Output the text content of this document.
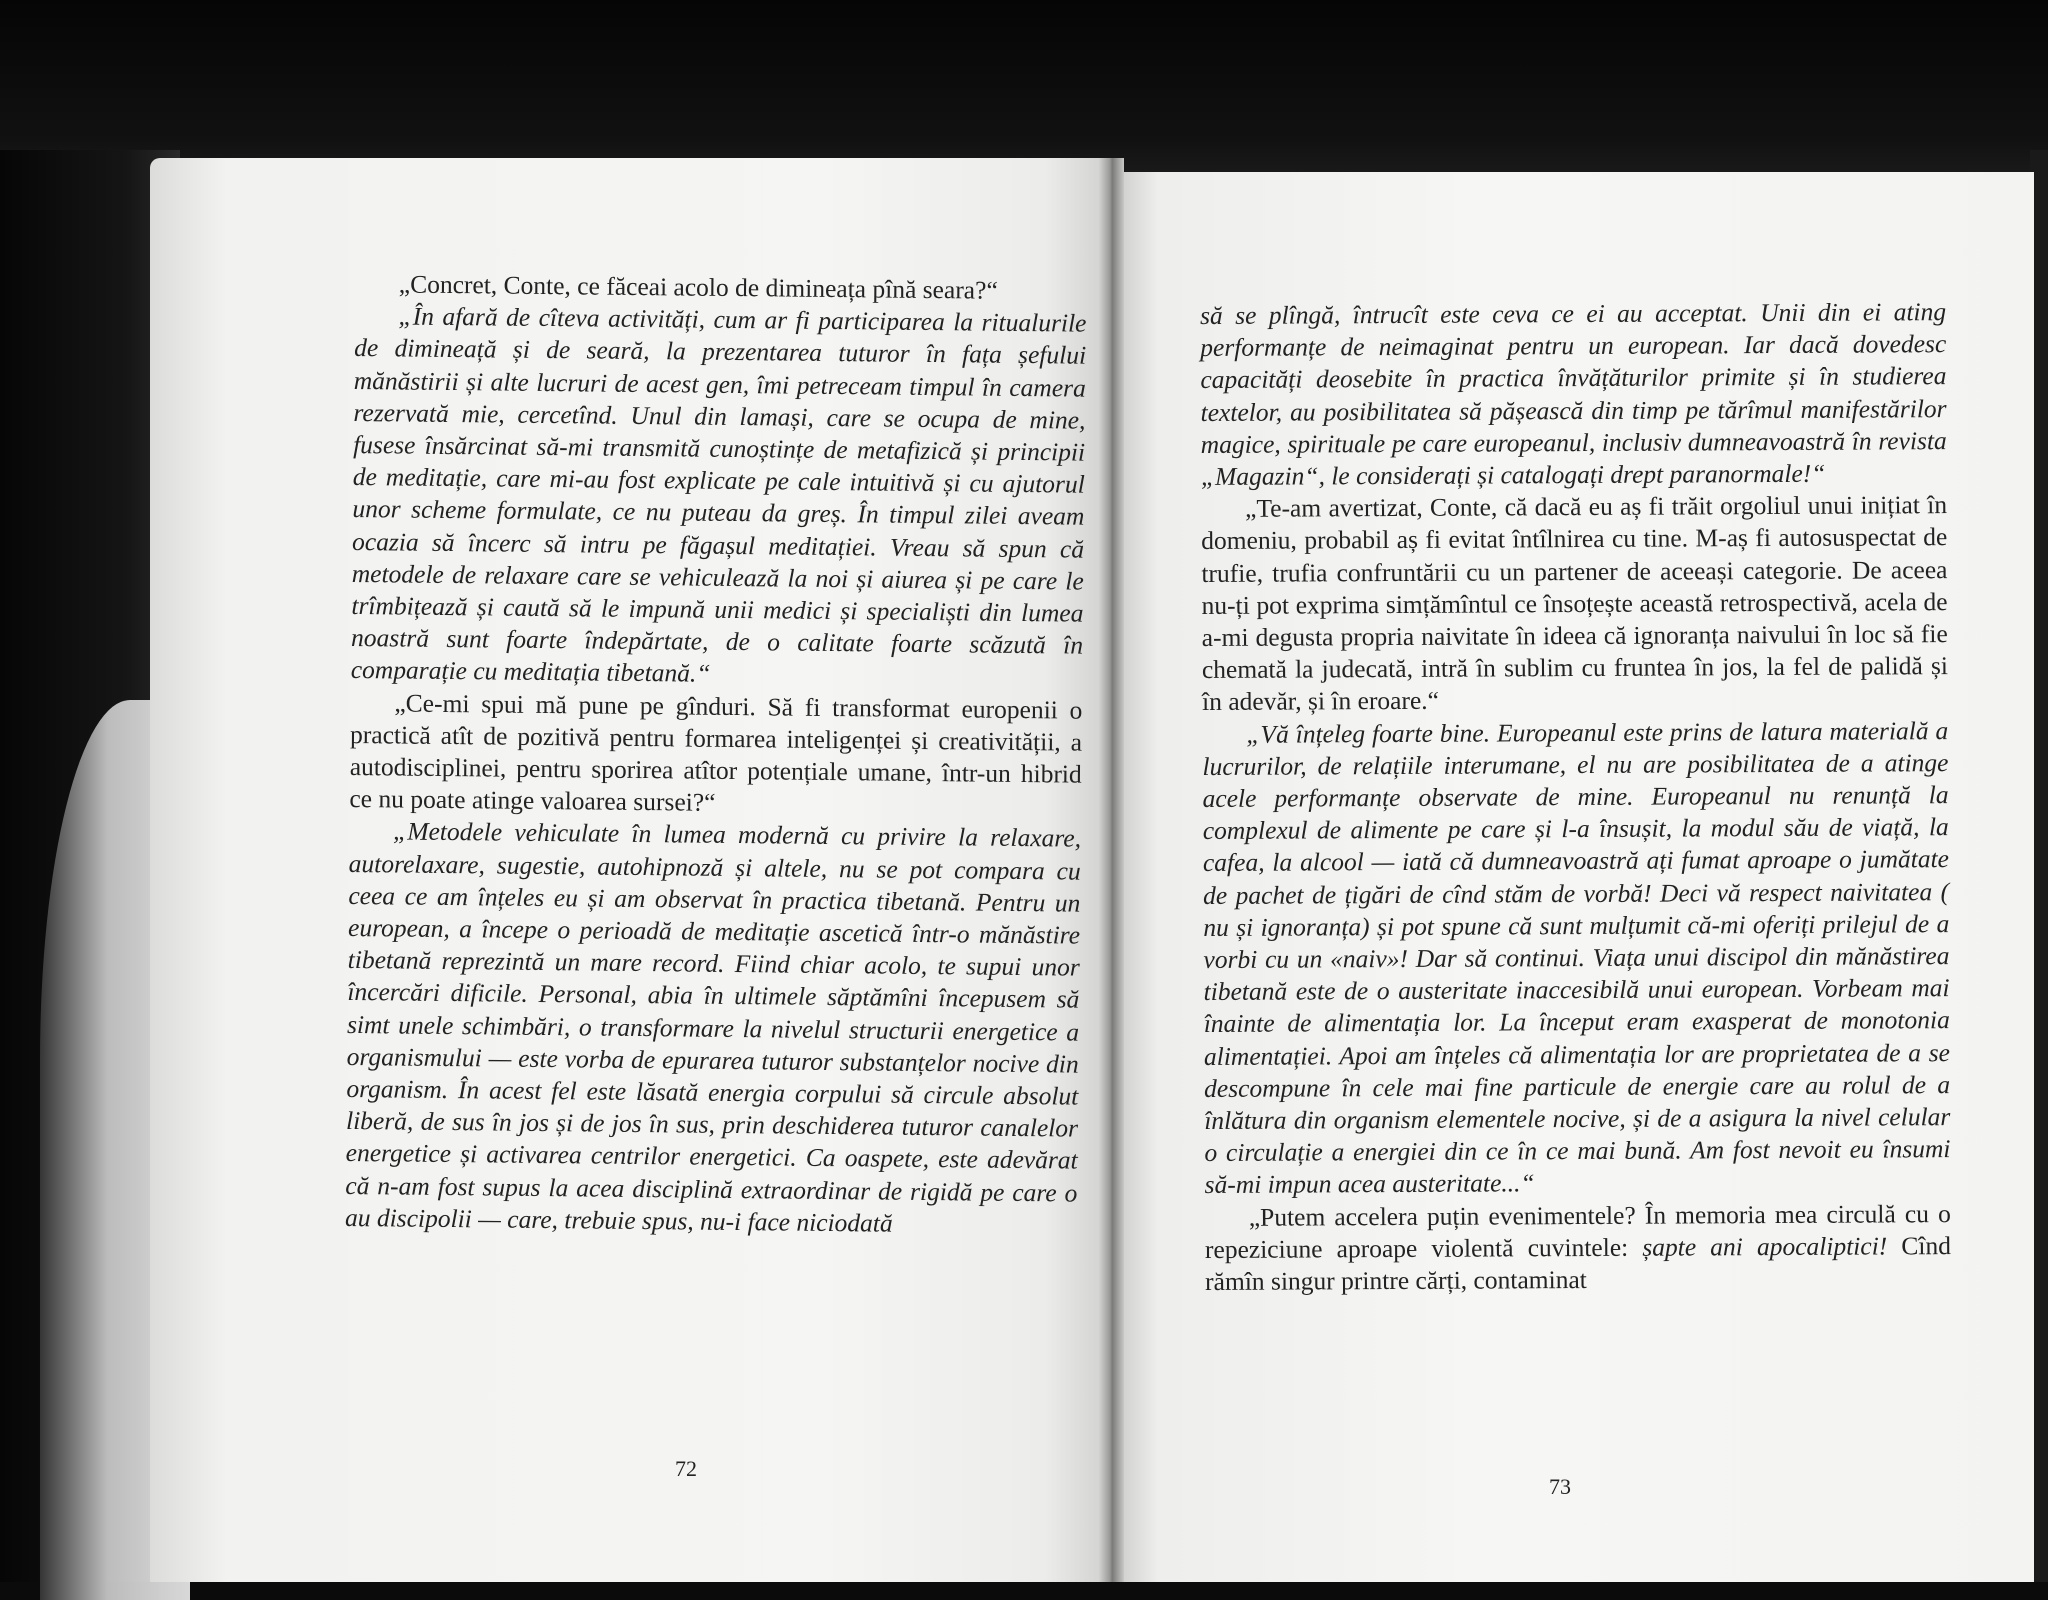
„Concret, Conte, ce făceai acolo de dimineața pînă seara?“

„În afară de cîteva activități, cum ar fi participarea la ritualurile de dimineață și de seară, la prezentarea tuturor în fața șefului mănăstirii și alte lucruri de acest gen, îmi petreceam timpul în camera rezervată mie, cercetînd. Unul din lamași, care se ocupa de mine, fusese însărcinat să-mi transmită cunoștințe de metafizică și principii de meditație, care mi-au fost explicate pe cale intuitivă și cu ajutorul unor scheme formulate, ce nu puteau da greș. În timpul zilei aveam ocazia să încerc să intru pe făgașul meditației. Vreau să spun că metodele de relaxare care se vehiculează la noi și aiurea și pe care le trîmbițează și caută să le impună unii medici și specialiști din lumea noastră sunt foarte îndepărtate, de o calitate foarte scăzută în comparație cu meditația tibetană.“

„Ce-mi spui mă pune pe gînduri. Să fi transformat europenii o practică atît de pozitivă pentru formarea inteligenței și creativității, a autodisciplinei, pentru sporirea atîtor potențiale umane, într-un hibrid ce nu poate atinge valoarea sursei?“

„Metodele vehiculate în lumea modernă cu privire la relaxare, autorelaxare, sugestie, autohipnoză și altele, nu se pot compara cu ceea ce am înțeles eu și am observat în practica tibetană. Pentru un european, a începe o perioadă de meditație ascetică într-o mănăstire tibetană reprezintă un mare record. Fiind chiar acolo, te supui unor încercări dificile. Personal, abia în ultimele săptămîni începusem să simt unele schimbări, o transformare la nivelul structurii energetice a organismului — este vorba de epurarea tuturor substanțelor nocive din organism. În acest fel este lăsată energia corpului să circule absolut liberă, de sus în jos și de jos în sus, prin deschiderea tuturor canalelor energetice și activarea centrilor energetici. Ca oaspete, este adevărat că n-am fost supus la acea disciplină extraordinar de rigidă pe care o au discipolii — care, trebuie spus, nu-i face niciodată

72

să se plîngă, întrucît este ceva ce ei au acceptat. Unii din ei ating performanțe de neimaginat pentru un european. Iar dacă dovedesc capacități deosebite în practica învățăturilor primite și în studierea textelor, au posibilitatea să pășească din timp pe tărîmul manifestărilor magice, spirituale pe care europeanul, inclusiv dumneavoastră în revista „Magazin“, le considerați și catalogați drept paranormale!“

„Te-am avertizat, Conte, că dacă eu aș fi trăit orgoliul unui inițiat în domeniu, probabil aș fi evitat întîlnirea cu tine. M-aș fi autosuspectat de trufie, trufia confruntării cu un partener de aceeași categorie. De aceea nu-ți pot exprima simțămîntul ce însoțește această retrospectivă, acela de a-mi degusta propria naivitate în ideea că ignoranța naivului în loc să fie chemată la judecată, intră în sublim cu fruntea în jos, la fel de palidă și în adevăr, și în eroare.“

„Vă înțeleg foarte bine. Europeanul este prins de latura materială a lucrurilor, de relațiile interumane, el nu are posibilitatea de a atinge acele performanțe observate de mine. Europeanul nu renunță la complexul de alimente pe care și l-a însușit, la modul său de viață, la cafea, la alcool — iată că dumneavoastră ați fumat aproape o jumătate de pachet de țigări de cînd stăm de vorbă! Deci vă respect naivitatea ( nu și ignoranța) și pot spune că sunt mulțumit că-mi oferiți prilejul de a vorbi cu un «naiv»! Dar să continui. Viața unui discipol din mănăstirea tibetană este de o austeritate inaccesibilă unui european. Vorbeam mai înainte de alimentația lor. La început eram exasperat de monotonia alimentației. Apoi am înțeles că alimentația lor are proprietatea de a se descompune în cele mai fine particule de energie care au rolul de a înlătura din organism elementele nocive, și de a asigura la nivel celular o circulație a energiei din ce în ce mai bună. Am fost nevoit eu însumi să-mi impun acea austeritate...“

„Putem accelera puțin evenimentele? În memoria mea circulă cu o repeziciune aproape violentă cuvintele: șapte ani apocaliptici! Cînd rămîn singur printre cărți, contaminat

73
